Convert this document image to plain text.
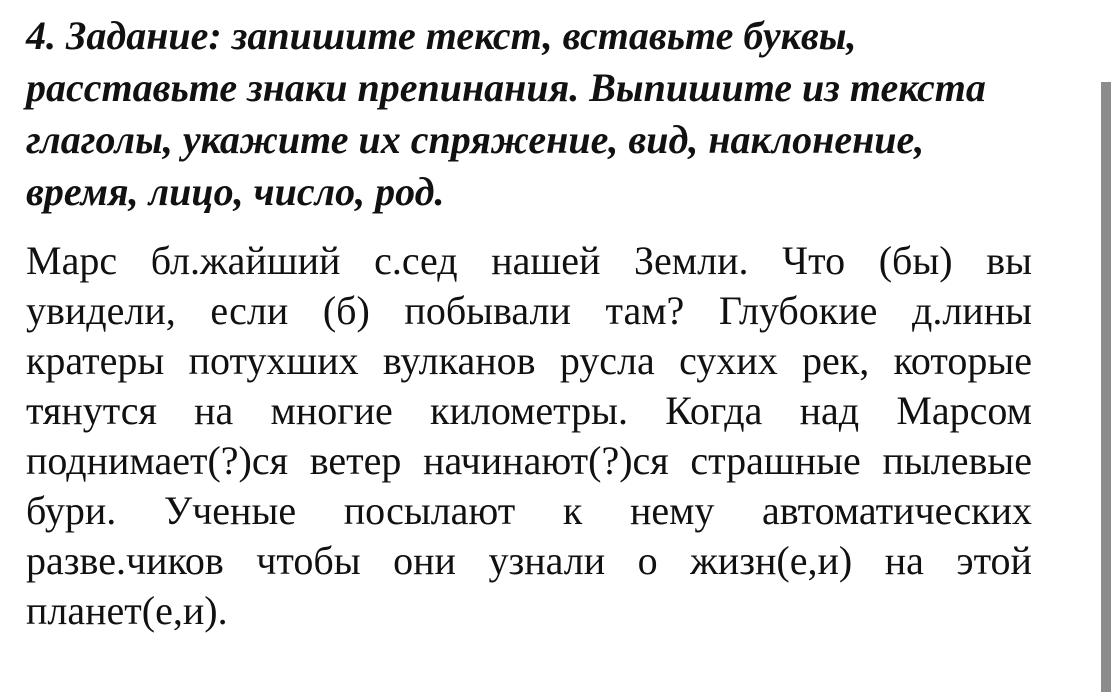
4. Задание: запишите текст, вставьте буквы,
расставьте знаки препинания. Выпишите из текста
глаголы, укажите их спряжение, вид, наклонение,
время, лицо, число, род.
Марс бл.жайший с.сед нашей Земли. Что (бы) вы
увидели, если (б) побывали там? Глубокие д.лины
кратеры потухших вулканов русла сухих рек, которые
тянутся на многие километры. Когда над Марсом
поднимает(?)ся ветер начинают(?)ся страшные пылевые
бури. Ученые посылают к нему автоматических
разве.чиков чтобы они узнали о жизн(е,и) на этой
планет(е,и).
